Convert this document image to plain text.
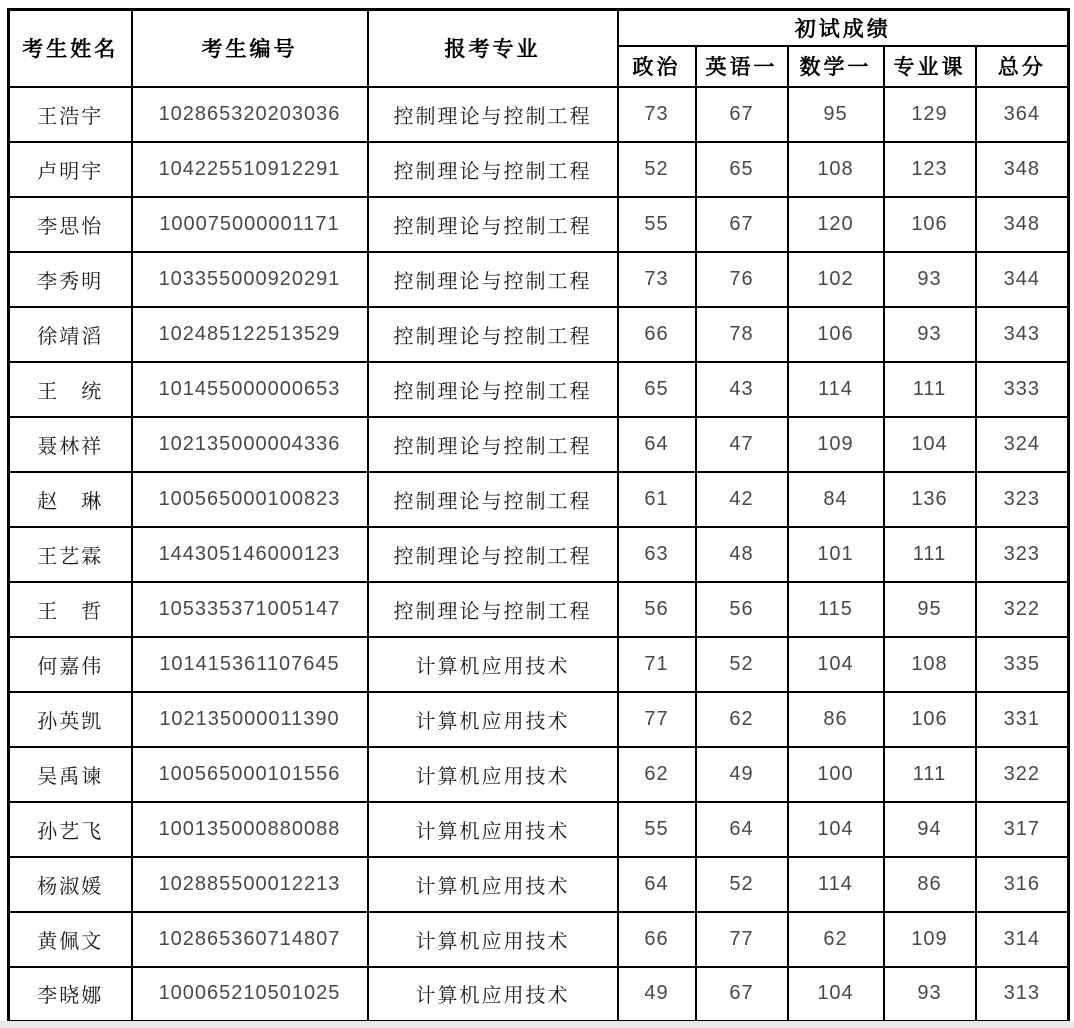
考生姓名	考生编号	报考专业	初试成绩				
			政治	英语一	数学一	专业课	总分
王浩宇	102865320203036	控制理论与控制工程	73	67	95	129	364
卢明宇	104225510912291	控制理论与控制工程	52	65	108	123	348
李思怡	100075000001171	控制理论与控制工程	55	67	120	106	348
李秀明	103355000920291	控制理论与控制工程	73	76	102	93	344
徐靖滔	102485122513529	控制理论与控制工程	66	78	106	93	343
王　统	101455000000653	控制理论与控制工程	65	43	114	111	333
聂林祥	102135000004336	控制理论与控制工程	64	47	109	104	324
赵　琳	100565000100823	控制理论与控制工程	61	42	84	136	323
王艺霖	144305146000123	控制理论与控制工程	63	48	101	111	323
王　哲	105335371005147	控制理论与控制工程	56	56	115	95	322
何嘉伟	101415361107645	计算机应用技术	71	52	104	108	335
孙英凯	102135000011390	计算机应用技术	77	62	86	106	331
吴禹谏	100565000101556	计算机应用技术	62	49	100	111	322
孙艺飞	100135000880088	计算机应用技术	55	64	104	94	317
杨淑媛	102885500012213	计算机应用技术	64	52	114	86	316
黄佩文	102865360714807	计算机应用技术	66	77	62	109	314
李晓娜	100065210501025	计算机应用技术	49	67	104	93	313
